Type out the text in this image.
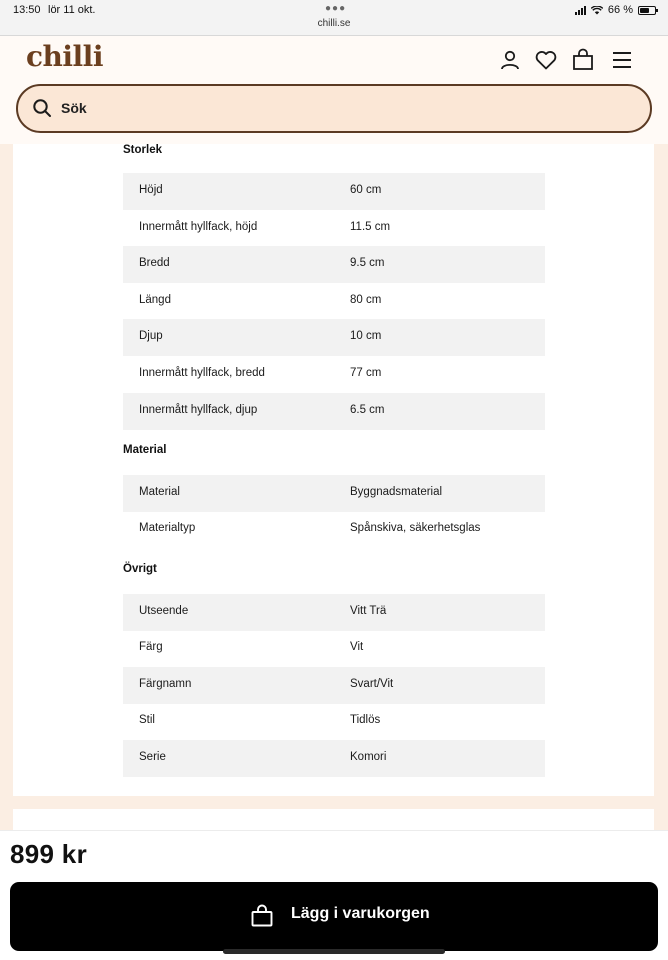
13:50 lör 11 okt.	●●●
chilli.se
66 %
chilli
Sök
Storlek
Höjd	60 cm
Innermått hyllfack, höjd	11.5 cm
Bredd	9.5 cm
Längd	80 cm
Djup	10 cm
Innermått hyllfack, bredd	77 cm
Innermått hyllfack, djup	6.5 cm
Material
Material	Byggnadsmaterial
Materialtyp	Spånskiva, säkerhetsglas
Övrigt
Utseende	Vitt Trä
Färg	Vit
Färgnamn	Svart/Vit
Stil	Tidlös
Serie	Komori
899 kr
Lägg i varukorgen
